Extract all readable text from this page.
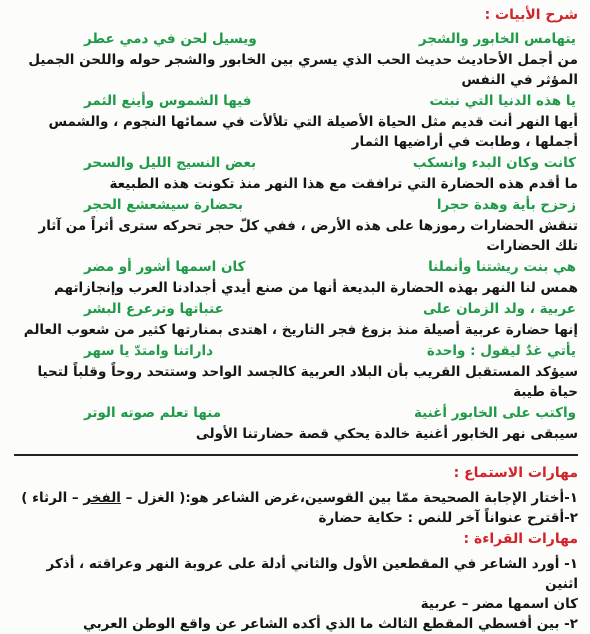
شرح الأبيات :
يتهامس الخابور والشجر
ويسيل لحن في دمي عطر
من أجمل الأحاديث حديث الحب الذي يسري بين الخابور والشجر حوله واللحن الجميل المؤثر في النفس
يا هذه الدنيا التي نبتت
فيها الشموس وأينع الثمر
أيها النهر أنت قديم مثل الحياة الأصيلة التي تلألأت في سمائها النجوم ، والشمس أجملها ، وطابت في أراضيها الثمار
كانت وكان البدء وانسكب
بعض النسيج الليل والسحر
ما أقدم هذه الحضارة التي ترافقت مع هذا النهر منذ تكونت هذه الطبيعة
زحزح بأية وهدة حجرا
بحضارة سيشعشع الحجر
تنقش الحضارات رموزها على هذه الأرض ، ففي كلّ حجر تحركه سترى أثراً من آثار تلك الحضارات
هي بنت ريشتنا وأنملنا
كان اسمها أشور أو مضر
همس لنا النهر بهذه الحضارة البديعة أنها من صنع أيدي أجدادنا العرب وإنجازاتهم
عربية ، ولد الزمان على
عتباتها وترعرع البشر
إنها حضارة عربية أصيلة منذ بزوغ فجر التاريخ ، اهتدى بمنارتها كثير من شعوب العالم
يأتي غدٌ ليقول : واحدة
داراتنا وامتدّ يا سهر
سيؤكد المستقبل القريب بأن البلاد العربية كالجسد الواحد وستتحد روحاً وقلباً لتحيا حياة طيبة
واكتب على الخابور أغنية
منها تعلم صوته الوتر
سيبقى نهر الخابور أغنية خالدة يحكي قصة حضارتنا الأولى
مهارات الاستماع :
١-أختار الإجابة الصحيحة ممّا بين القوسين،غرض الشاعر هو:( الغزل – الفخر – الرثاء )
٢-أقترح عنواناً آخر للنص : حكاية حضارة
مهارات القراءة :
١- أورد الشاعر في المقطعين الأول والثاني أدلة على عروبة النهر وعراقته ، أذكر اثنين
كان اسمها مضر – عربية
٢- بين أفسطي المقطع الثالث ما الذي أكده الشاعر عن واقع الوطن العربي
